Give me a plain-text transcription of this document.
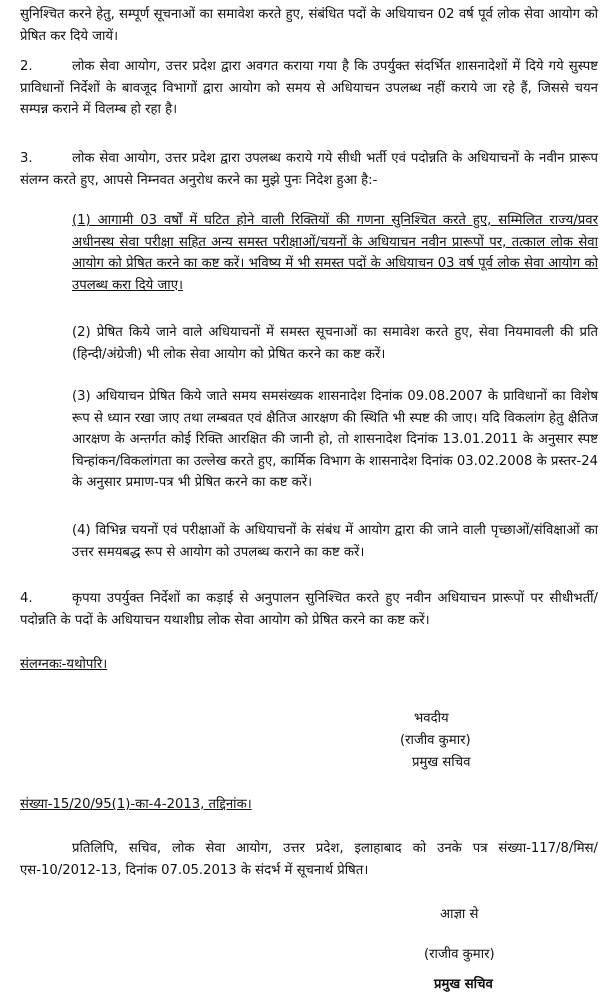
सुनिश्चित करने हेतु, सम्पूर्ण सूचनाओं का समावेश करते हुए, संबंधित पदों के अधियाचन 02 वर्ष पूर्व लोक सेवा आयोग को प्रेषित कर दिये जायें।
2.	लोक सेवा आयोग, उत्तर प्रदेश द्वारा अवगत कराया गया है कि उपर्युक्त संदर्भित शासनादेशों में दिये गये सुस्पष्ट प्राविधानों निर्देशों के बावजूद विभागों द्वारा आयोग को समय से अधियाचन उपलब्ध नहीं कराये जा रहे हैं, जिससे चयन सम्पन्न कराने में विलम्ब हो रहा है।
3.	लोक सेवा आयोग, उत्तर प्रदेश द्वारा उपलब्ध कराये गये सीधी भर्ती एवं पदोन्नति के अधियाचनों के नवीन प्रारूप संलग्न करते हुए, आपसे निम्नवत अनुरोध करने का मुझे पुनः निदेश हुआ है:-
(1) आगामी 03 वर्षों में घटित होने वाली रिक्तियों की गणना सुनिश्चित करते हुए, सम्मिलित राज्य/प्रवर अधीनस्थ सेवा परीक्षा सहित अन्य समस्त परीक्षाओं/चयनों के अधियाचन नवीन प्रारूपों पर, तत्काल लोक सेवा आयोग को प्रेषित करने का कष्ट करें। भविष्य में भी समस्त पदों के अधियाचन 03 वर्ष पूर्व लोक सेवा आयोग को उपलब्ध करा दिये जाए।
(2) प्रेषित किये जाने वाले अधियाचनों में समस्त सूचनाओं का समावेश करते हुए, सेवा नियमावली की प्रति (हिन्दी/अंग्रेजी) भी लोक सेवा आयोग को प्रेषित करने का कष्ट करें।
(3) अधियाचन प्रेषित किये जाते समय समसंख्यक शासनादेश दिनांक 09.08.2007 के प्राविधानों का विशेष रूप से ध्यान रखा जाए तथा लम्बवत एवं क्षैतिज आरक्षण की स्थिति भी स्पष्ट की जाए। यदि विकलांग हेतु क्षैतिज आरक्षण के अन्तर्गत कोई रिक्ति आरक्षित की जानी हो, तो शासनादेश दिनांक 13.01.2011 के अनुसार स्पष्ट चिन्हांकन/विकलांगता का उल्लेख करते हुए, कार्मिक विभाग के शासनादेश दिनांक 03.02.2008 के प्रस्तर-24 के अनुसार प्रमाण-पत्र भी प्रेषित करने का कष्ट करें।
(4) विभिन्न चयनों एवं परीक्षाओं के अधियाचनों के संबंध में आयोग द्वारा की जाने वाली पृच्छाओं/संविक्षाओं का उत्तर समयबद्ध रूप से आयोग को उपलब्ध कराने का कष्ट करें।
4.	कृपया उपर्युक्त निर्देशों का कड़ाई से अनुपालन सुनिश्चित करते हुए नवीन अधियाचन प्रारूपों पर सीधीभर्ती/पदोन्नति के पदों के अधियाचन यथाशीघ्र लोक सेवा आयोग को प्रेषित करने का कष्ट करें।
संलग्नकः-यथोपरि।
भवदीय
(राजीव कुमार)
प्रमुख सचिव
संख्या-15/20/95(1)-का-4-2013, तद्दिनांक।
प्रतिलिपि, सचिव, लोक सेवा आयोग, उत्तर प्रदेश, इलाहाबाद को उनके पत्र संख्या-117/8/मिस/एस-10/2012-13, दिनांक 07.05.2013 के संदर्भ में सूचनार्थ प्रेषित।
आज्ञा से
(राजीव कुमार)
प्रमुख सचिव
